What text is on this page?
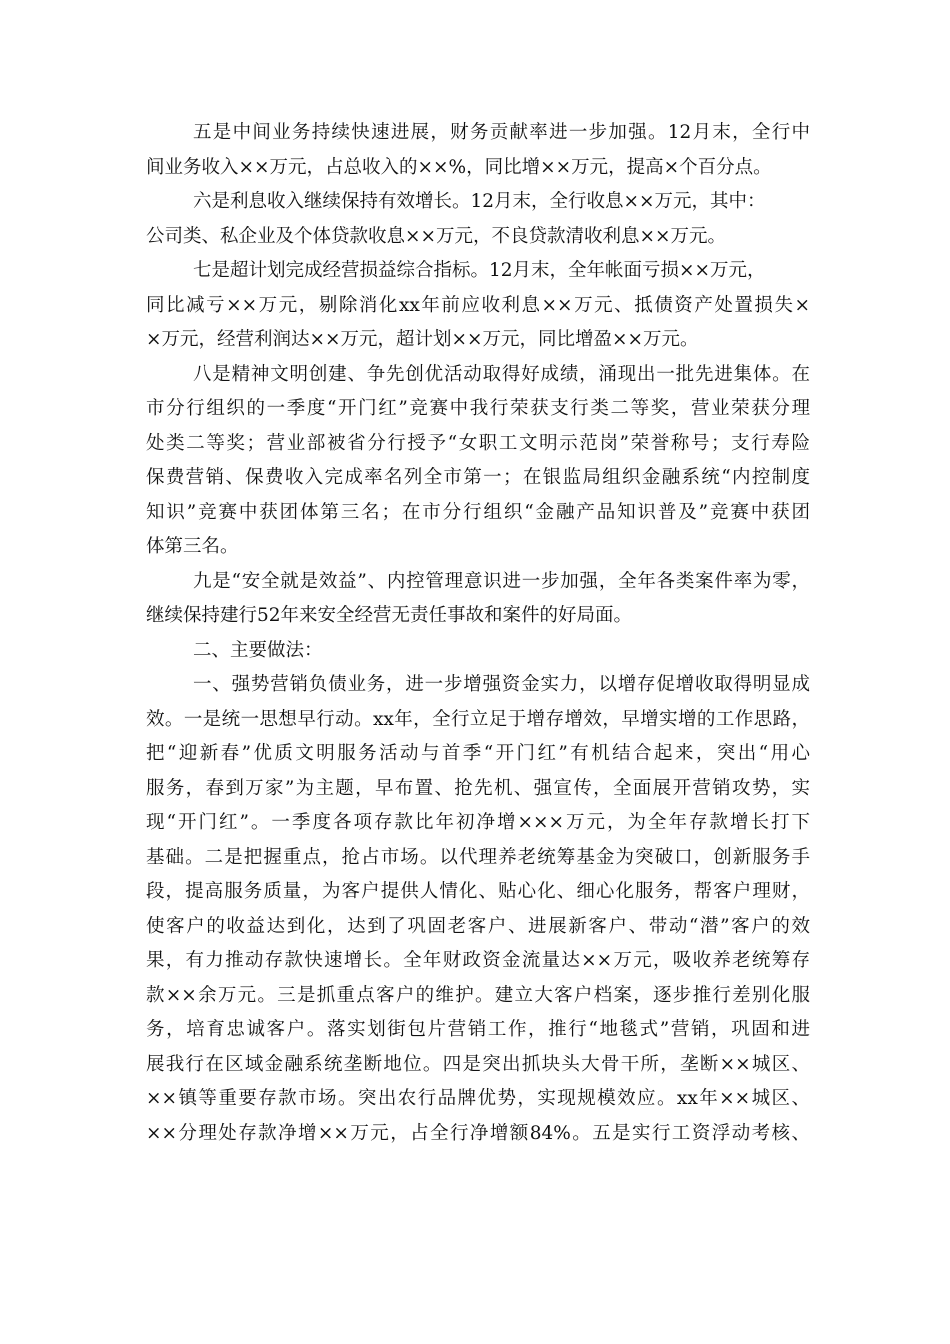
五是中间业务持续快速进展，财务贡献率进一步加强。12月末，全行中
间业务收入××万元，占总收入的××%，同比增××万元，提高×个百分点。
六是利息收入继续保持有效增长。12月末，全行收息××万元，其中：
公司类、私企业及个体贷款收息××万元，不良贷款清收利息××万元。
七是超计划完成经营损益综合指标。12月末，全年帐面亏损××万元，
同比减亏××万元，剔除消化xx年前应收利息××万元、抵债资产处置损失×
×万元，经营利润达××万元，超计划××万元，同比增盈××万元。
八是精神文明创建、争先创优活动取得好成绩，涌现出一批先进集体。在
市分行组织的一季度“开门红”竞赛中我行荣获支行类二等奖，营业荣获分理
处类二等奖；营业部被省分行授予“女职工文明示范岗”荣誉称号；支行寿险
保费营销、保费收入完成率名列全市第一；在银监局组织金融系统“内控制度
知识”竞赛中获团体第三名；在市分行组织“金融产品知识普及”竞赛中获团
体第三名。
九是“安全就是效益”、内控管理意识进一步加强，全年各类案件率为零，
继续保持建行52年来安全经营无责任事故和案件的好局面。
二、主要做法：
一、强势营销负债业务，进一步增强资金实力，以增存促增收取得明显成
效。一是统一思想早行动。xx年，全行立足于增存增效，早增实增的工作思路，
把“迎新春”优质文明服务活动与首季“开门红”有机结合起来，突出“用心
服务，春到万家”为主题，早布置、抢先机、强宣传，全面展开营销攻势，实
现“开门红”。一季度各项存款比年初净增×××万元，为全年存款增长打下
基础。二是把握重点，抢占市场。以代理养老统筹基金为突破口，创新服务手
段，提高服务质量，为客户提供人情化、贴心化、细心化服务，帮客户理财，
使客户的收益达到化，达到了巩固老客户、进展新客户、带动“潜”客户的效
果，有力推动存款快速增长。全年财政资金流量达××万元，吸收养老统筹存
款××余万元。三是抓重点客户的维护。建立大客户档案，逐步推行差别化服
务，培育忠诚客户。落实划街包片营销工作，推行“地毯式”营销，巩固和进
展我行在区域金融系统垄断地位。四是突出抓块头大骨干所，垄断××城区、
××镇等重要存款市场。突出农行品牌优势，实现规模效应。xx年××城区、
××分理处存款净增××万元，占全行净增额84%。五是实行工资浮动考核、
